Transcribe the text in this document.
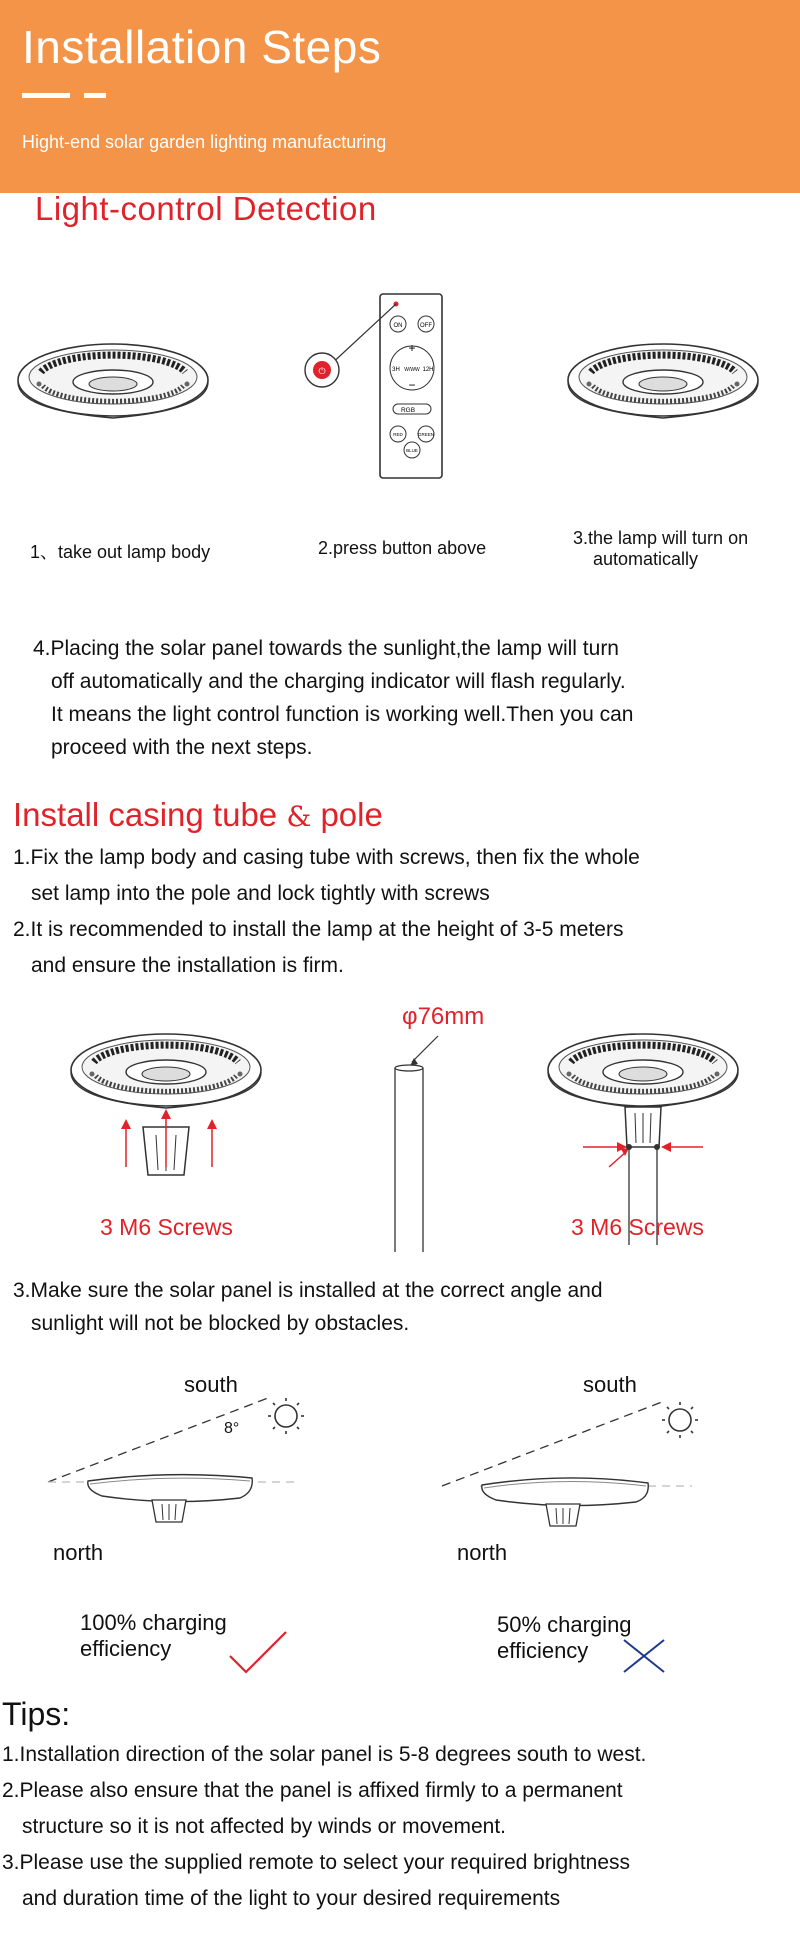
Installation Steps
Hight-end solar garden lighting manufacturing
Light-control Detection
⏻
ON	OFF
+
−
3H W/WW 12H
RGB
RED	GREEN
BLUE
1、take out lamp body	2.press button above	3.the lamp will turn on
automatically
4.Placing the solar panel towards the sunlight,the lamp will turn
off automatically and the charging indicator will flash regularly.
It means the light control function is working well.Then you can
proceed with the next steps.
Install casing tube & pole
1.Fix the lamp body and casing tube with screws, then fix the whole
set lamp into the pole and lock tightly with screws
2.It is recommended to install the lamp at the height of 3-5 meters
and ensure the installation is firm.
3 M6 Screws
φ76mm
3 M6 Screws
3.Make sure the solar panel is installed at the correct angle and
sunlight will not be blocked by obstacles.
south
north
8°
100% charging
efficiency
south
north
50% charging
efficiency
Tips:
1.Installation direction of the solar panel is 5-8 degrees south to west.
2.Please also ensure that the panel is affixed firmly to a permanent
structure so it is not affected by winds or movement.
3.Please use the supplied remote to select your required brightness
and duration time of the light to your desired requirements
